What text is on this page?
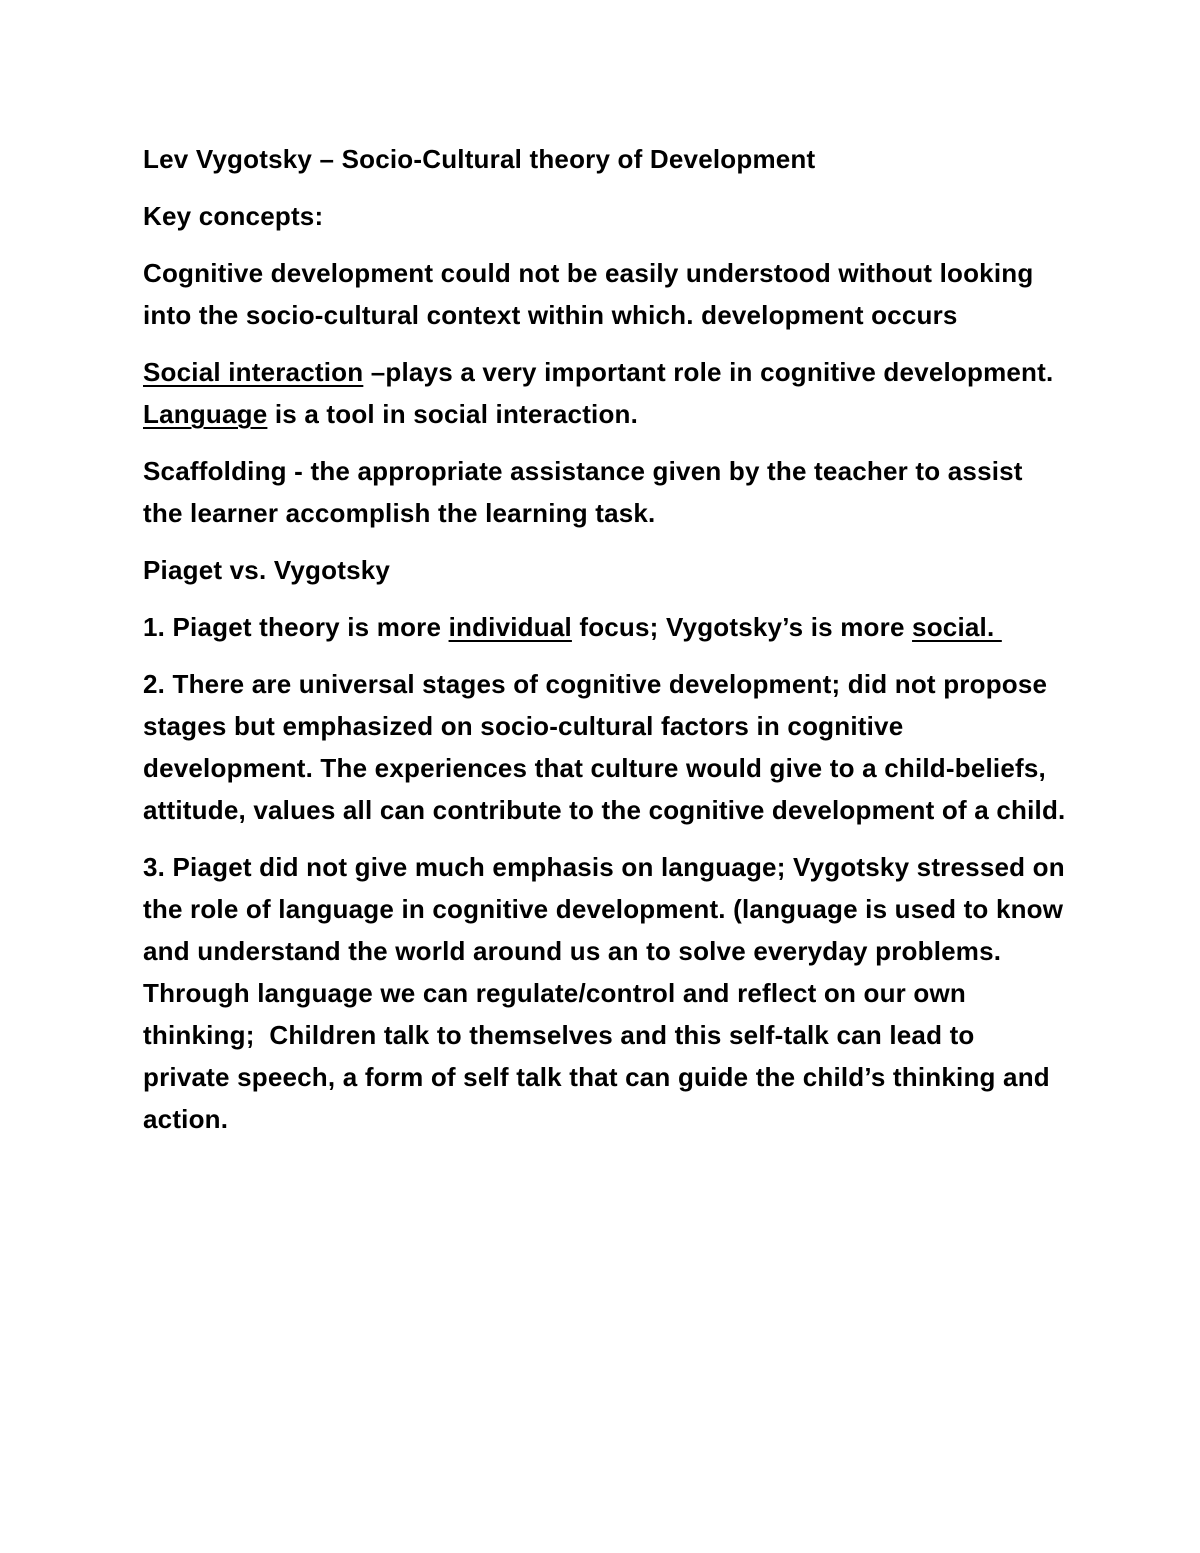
Lev Vygotsky – Socio-Cultural theory of Development

Key concepts:

Cognitive development could not be easily understood without looking into the socio-cultural context within which. development occurs

Social interaction –plays a very important role in cognitive development. Language is a tool in social interaction.

Scaffolding - the appropriate assistance given by the teacher to assist the learner accomplish the learning task.

Piaget vs. Vygotsky

1. Piaget theory is more individual focus; Vygotsky’s is more social.

2. There are universal stages of cognitive development; did not propose stages but emphasized on socio-cultural factors in cognitive development. The experiences that culture would give to a child-beliefs, attitude, values all can contribute to the cognitive development of a child.

3. Piaget did not give much emphasis on language; Vygotsky stressed on the role of language in cognitive development. (language is used to know and understand the world around us an to solve everyday problems. Through language we can regulate/control and reflect on our own thinking;  Children talk to themselves and this self-talk can lead to private speech, a form of self talk that can guide the child’s thinking and action.
